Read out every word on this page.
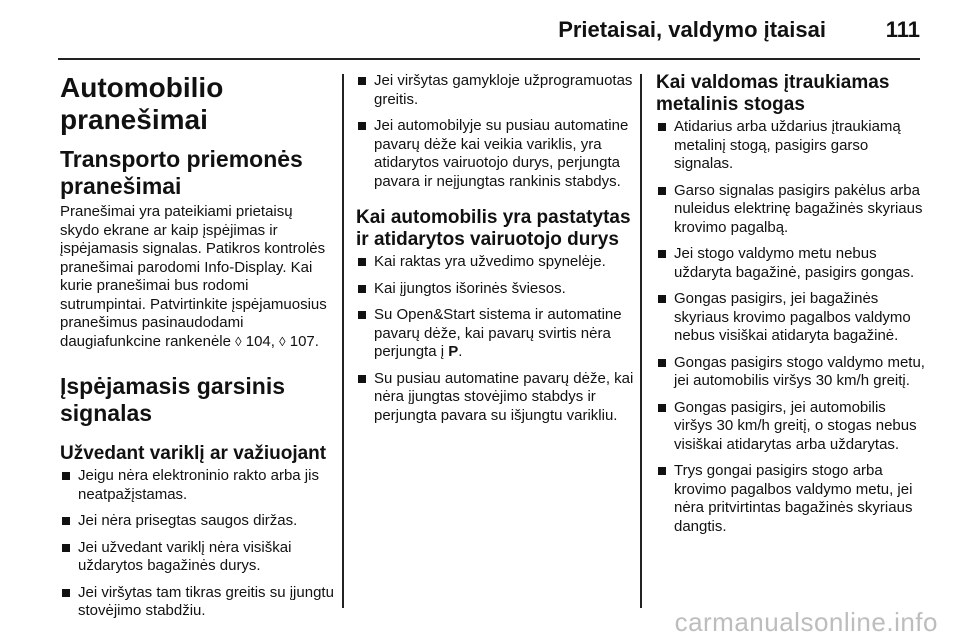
Prietaisai, valdymo įtaisai	111
Automobilio pranešimai
Transporto priemonės pranešimai

Pranešimai yra pateikiami prietaisų skydo ekrane ar kaip įspėjimas ir įspėjamasis signalas. Patikros kontrolės pranešimai parodomi Info-Display. Kai kurie pranešimai bus rodomi sutrumpintai. Patvirtinkite įspėjamuosius pranešimus pasinaudodami daugiafunkcine rankenėle ◊ 104, ◊ 107.

Įspėjamasis garsinis signalas
Užvedant variklį ar važiuojant
Jeigu nėra elektroninio rakto arba jis neatpažįstamas.
Jei nėra prisegtas saugos diržas.
Jei užvedant variklį nėra visiškai uždarytos bagažinės durys.
Jei viršytas tam tikras greitis su įjungtu stovėjimo stabdžiu.
Jei viršytas gamykloje užprogramuotas greitis.
Jei automobilyje su pusiau automatine pavarų dėže kai veikia variklis, yra atidarytos vairuotojo durys, perjungta pavara ir neįjungtas rankinis stabdys.
Kai automobilis yra pastatytas ir atidarytos vairuotojo durys
Kai raktas yra užvedimo spynelėje.
Kai įjungtos išorinės šviesos.
Su Open&Start sistema ir automatine pavarų dėže, kai pavarų svirtis nėra perjungta į P.
Su pusiau automatine pavarų dėže, kai nėra įjungtas stovėjimo stabdys ir perjungta pavara su išjungtu varikliu.
Kai valdomas įtraukiamas metalinis stogas
Atidarius arba uždarius įtraukiamą metalinį stogą, pasigirs garso signalas.
Garso signalas pasigirs pakėlus arba nuleidus elektrinę bagažinės skyriaus krovimo pagalbą.
Jei stogo valdymo metu nebus uždaryta bagažinė, pasigirs gongas.
Gongas pasigirs, jei bagažinės skyriaus krovimo pagalbos valdymo nebus visiškai atidaryta bagažinė.
Gongas pasigirs stogo valdymo metu, jei automobilis viršys 30 km/h greitį.
Gongas pasigirs, jei automobilis viršys 30 km/h greitį, o stogas nebus visiškai atidarytas arba uždarytas.
Trys gongai pasigirs stogo arba krovimo pagalbos valdymo metu, jei nėra pritvirtintas bagažinės skyriaus dangtis.
carmanualsonline.info
